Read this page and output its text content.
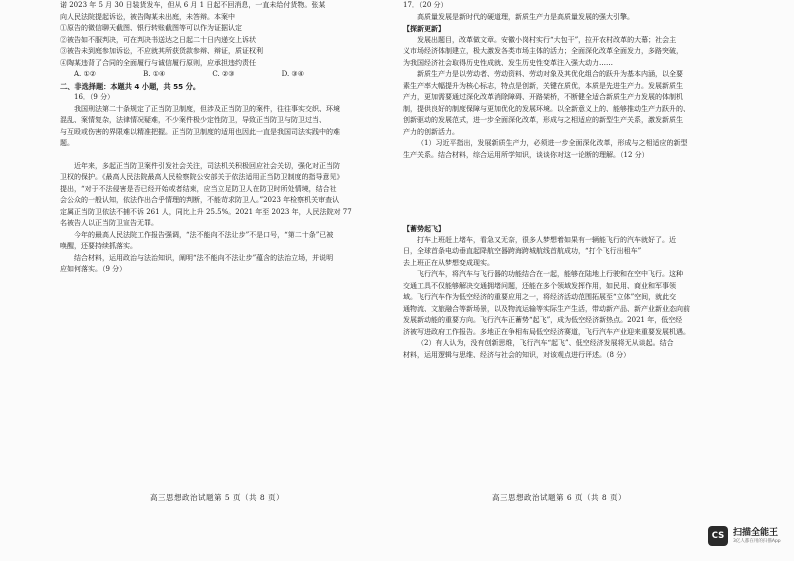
诺 2023 年 5 月 30 日装货发车，但从 6 月 1 日起不回消息，一直未给付货物。张某

向人民法院提起诉讼，被告陶某未出庭，未答辩。本案中

①原告的微信聊天截图、银行转账截图等可以作为证据认定

②被告如不服判决，可在判决书送达之日起二十日内递交上诉状

③被告未到庭参加诉讼，不应就其所获货款参辩、辩证，质证权利

④陶某违背了合同的全面履行与诚信履行原则，应承担违约责任

A. ①②	B. ①④	C. ②③	D. ③④

二、非选择题：本题共 4 小题，共 55 分。

16．（9 分）

我国刑法第二十条规定了正当防卫制度，但涉及正当防卫的案件，往往事实交织、环境

混乱、案情复杂，法律情况疑难，不少案件极少定性防卫，导致正当防卫与防卫过当、

与互殴或伤害的界限难以精准把握。正当防卫制度的适用也因此一直是我国司法实践中的难

题。

近年来，多起正当防卫案件引发社会关注，司法机关积极回应社会关切，强化对正当防

卫权的保护。《最高人民法院最高人民检察院公安部关于依法适用正当防卫制度的指导意见》

提出，“对于不法侵害是否已经开始或者结束，应当立足防卫人在防卫时所处情境，结合社

会公众的一般认知，依法作出合乎情理的判断，不能苛求防卫人。”2023 年检察机关审查认

定属正当防卫依法不捕不诉 261 人，同比上升 25.5%。2021 年至 2023 年，人民法院对 77

名被告人以正当防卫宣告无罪。

今年的最高人民法院工作报告强调，“法不能向不法让步”不是口号，“第二十条”已被

唤醒，还要持续抓落实。

结合材料，运用政治与法治知识，阐明“法不能向不法让步”蕴含的法治立场，并说明

应如何落实。（9 分）

17．（20 分）

高质量发展是新时代的硬道理，新质生产力是高质量发展的强大引擎。

【探新更新】

发展出题目，改革做文章。安徽小岗村实行“大包干”，拉开农村改革的大幕；社会主

义市场经济体制建立，极大激发各类市场主体的活力；全面深化改革全面发力，多路突破，

为我国经济社会取得历史性成就、发生历史性变革注入强大动力……

新质生产力是以劳动者、劳动资料、劳动对象及其优化组合的跃升为基本内涵，以全要

素生产率大幅提升为核心标志，特点是创新，关键在质优，本质是先进生产力。发展新质生

产力，更加需要通过深化改革消除障碍、开路架桥，不断健全适合新质生产力发展的体制机

制，提供良好的制度保障与更加优化的发展环境。以全新意义上的、能够推动生产力跃升的、

创新驱动的发展范式，进一步全面深化改革，形成与之相适应的新型生产关系，激发新质生

产力的创新活力。

（1）习近平指出，发展新质生产力，必须进一步全面深化改革，形成与之相适应的新型

生产关系。结合材料，综合运用所学知识，谈谈你对这一论断的理解。（12 分）

【蓄势起飞】

打车上班赶上堵车，看急又无奈，很多人梦想着如果有一辆能飞行的汽车就好了。近

日，全球首条电动垂直起降航空器跨海跨城航线首航成功，“打个飞行出租车”

去上班正在从梦想变成现实。

飞行汽车，将汽车与飞行器的功能结合在一起，能够在陆地上行驶和在空中飞行。这种

交通工具不仅能够解决交通拥堵问题，还能在多个领域发挥作用，如民用、商业和军事领

域。飞行汽车作为低空经济的重要应用之一，将经济活动范围拓展至“立体”空间，就此交

通物流、文旅融合等新场景，以及物流运输等实际生产生活，带动新产品、新产业新业态向前

发展新动能的重要方向。飞行汽车正蓄势“起飞”，成为低空经济新热点。2021 年，低空经

济被写进政府工作报告。多地正在争相布局低空经济赛道，飞行汽车产业迎来重要发展机遇。

（2）有人认为，没有创新思维，飞行汽车“起飞”、低空经济发展将无从谈起。结合

材料，运用逻辑与思维、经济与社会的知识，对该观点进行评述。（8 分）

高三思想政治试题第 5 页（共 8 页）	高三思想政治试题第 6 页（共 8 页）
CS 扫描全能王
3亿人都在用的扫描App
